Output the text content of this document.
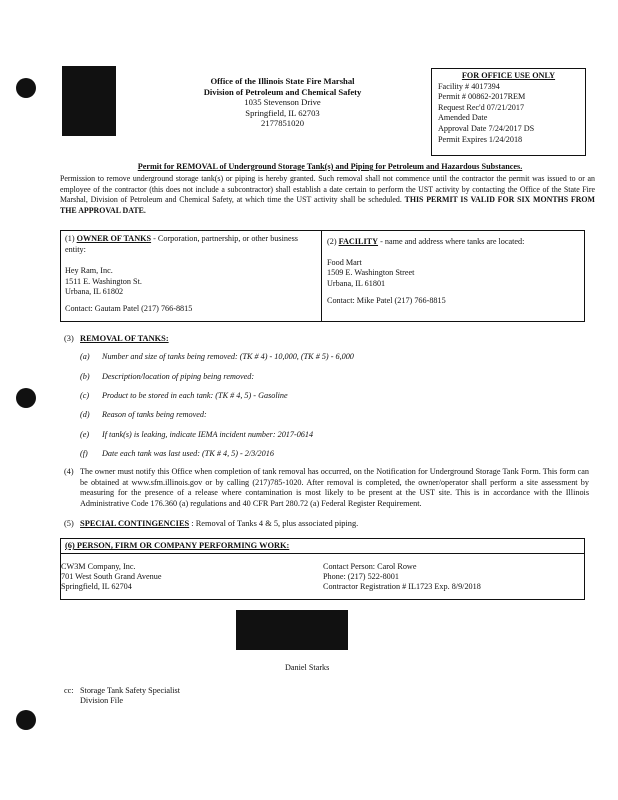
Office of the Illinois State Fire Marshal
Division of Petroleum and Chemical Safety
1035 Stevenson Drive
Springfield, IL 62703
2177851020
FOR OFFICE USE ONLY
Facility # 4017394
Permit # 00862-2017REM
Request Rec'd 07/21/2017
Amended Date
Approval Date 7/24/2017 DS
Permit Expires 1/24/2018
Permit for REMOVAL of Underground Storage Tank(s) and Piping for Petroleum and Hazardous Substances.
Permission to remove underground storage tank(s) or piping is hereby granted. Such removal shall not commence until the contractor the permit was issued to or an employee of the contractor (this does not include a subcontractor) shall establish a date certain to perform the UST activity by contacting the Office of the State Fire Marshal, Division of Petroleum and Chemical Safety, at which time the UST activity shall be scheduled. THIS PERMIT IS VALID FOR SIX MONTHS FROM THE APPROVAL DATE.
(1) OWNER OF TANKS - Corporation, partnership, or other business entity:
Hey Ram, Inc.
1511 E. Washington St.
Urbana, IL 61802
Contact: Gautam Patel (217) 766-8815
(2) FACILITY - name and address where tanks are located:
Food Mart
1509 E. Washington Street
Urbana, IL 61801
Contact: Mike Patel (217) 766-8815
(3) REMOVAL OF TANKS:
(a) Number and size of tanks being removed: (TK # 4) - 10,000, (TK # 5) - 6,000
(b) Description/location of piping being removed:
(c) Product to be stored in each tank: (TK # 4, 5) - Gasoline
(d) Reason of tanks being removed:
(e) If tank(s) is leaking, indicate IEMA incident number: 2017-0614
(f) Date each tank was last used: (TK # 4, 5) - 2/3/2016
(4) The owner must notify this Office when completion of tank removal has occurred, on the Notification for Underground Storage Tank Form. This form can be obtained at www.sfm.illinois.gov or by calling (217)785-1020. After removal is completed, the owner/operator shall perform a site assessment by measuring for the presence of a release where contamination is most likely to be present at the UST site. This is in accordance with the Illinois Administrative Code 176.360 (a) regulations and 40 CFR Part 280.72 (a) Federal Register Requirement.
(5) SPECIAL CONTINGENCIES : Removal of Tanks 4 & 5, plus associated piping.
(6) PERSON, FIRM OR COMPANY PERFORMING WORK:
CW3M Company, Inc.
701 West South Grand Avenue
Springfield, IL 62704
Contact Person: Carol Rowe
Phone: (217) 522-8001
Contractor Registration # IL1723 Exp. 8/9/2018
Daniel Starks
cc: Storage Tank Safety Specialist
Division File
